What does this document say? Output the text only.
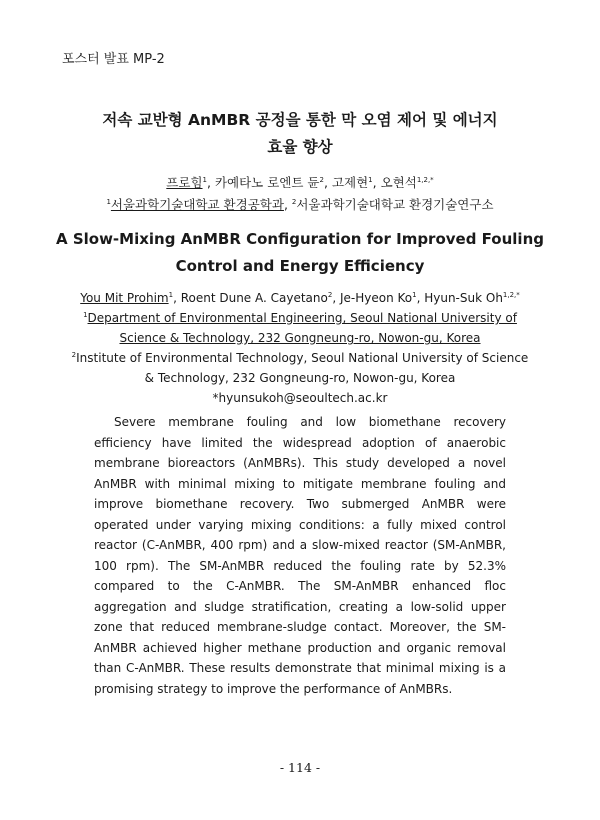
포스터 발표 MP-2
저속 교반형 AnMBR 공정을 통한 막 오염 제어 및 에너지
효율 향상
프로힘$^1$, 카예타노 로엔트 듄$^2$, 고제현$^1$, 오현석$^{1,2,*}$
$^1$서울과학기술대학교 환경공학과, $^2$서울과학기술대학교 환경기술연구소
A Slow-Mixing AnMBR Configuration for Improved Fouling
Control and Energy Efficiency
You Mit Prohim$^1$, Roent Dune A. Cayetano$^2$, Je-Hyeon Ko$^1$, Hyun-Suk $Oh^{1,2,*}$
$^1$Department of Environmental Engineering, Seoul National University of
Science & Technology, 232 Gongneung-ro, Nowon-gu, Korea
$^2$Institute of Environmental Technology, Seoul National University of Science
& Technology, 232 Gongneung-ro, Nowon-gu, Korea
*hyunsukoh@seoultech.ac.kr

Severe membrane fouling and low biomethane recovery efficiency have limited the widespread adoption of anaerobic membrane bioreactors (AnMBRs). This study developed a novel AnMBR with minimal mixing to mitigate membrane fouling and improve biomethane recovery. Two submerged AnMBR were operated under varying mixing conditions: a fully mixed control reactor (C-AnMBR, 400 rpm) and a slow-mixed reactor (SM-AnMBR, 100 rpm). The SM-AnMBR reduced the fouling rate by 52.3% compared to the C-AnMBR. The SM-AnMBR enhanced floc aggregation and sludge stratification, creating a low-solid upper zone that reduced membrane-sludge contact. Moreover, the SM-AnMBR achieved higher methane production and organic removal than C-AnMBR. These results demonstrate that minimal mixing is a promising strategy to improve the performance of AnMBRs.

- 114 -
